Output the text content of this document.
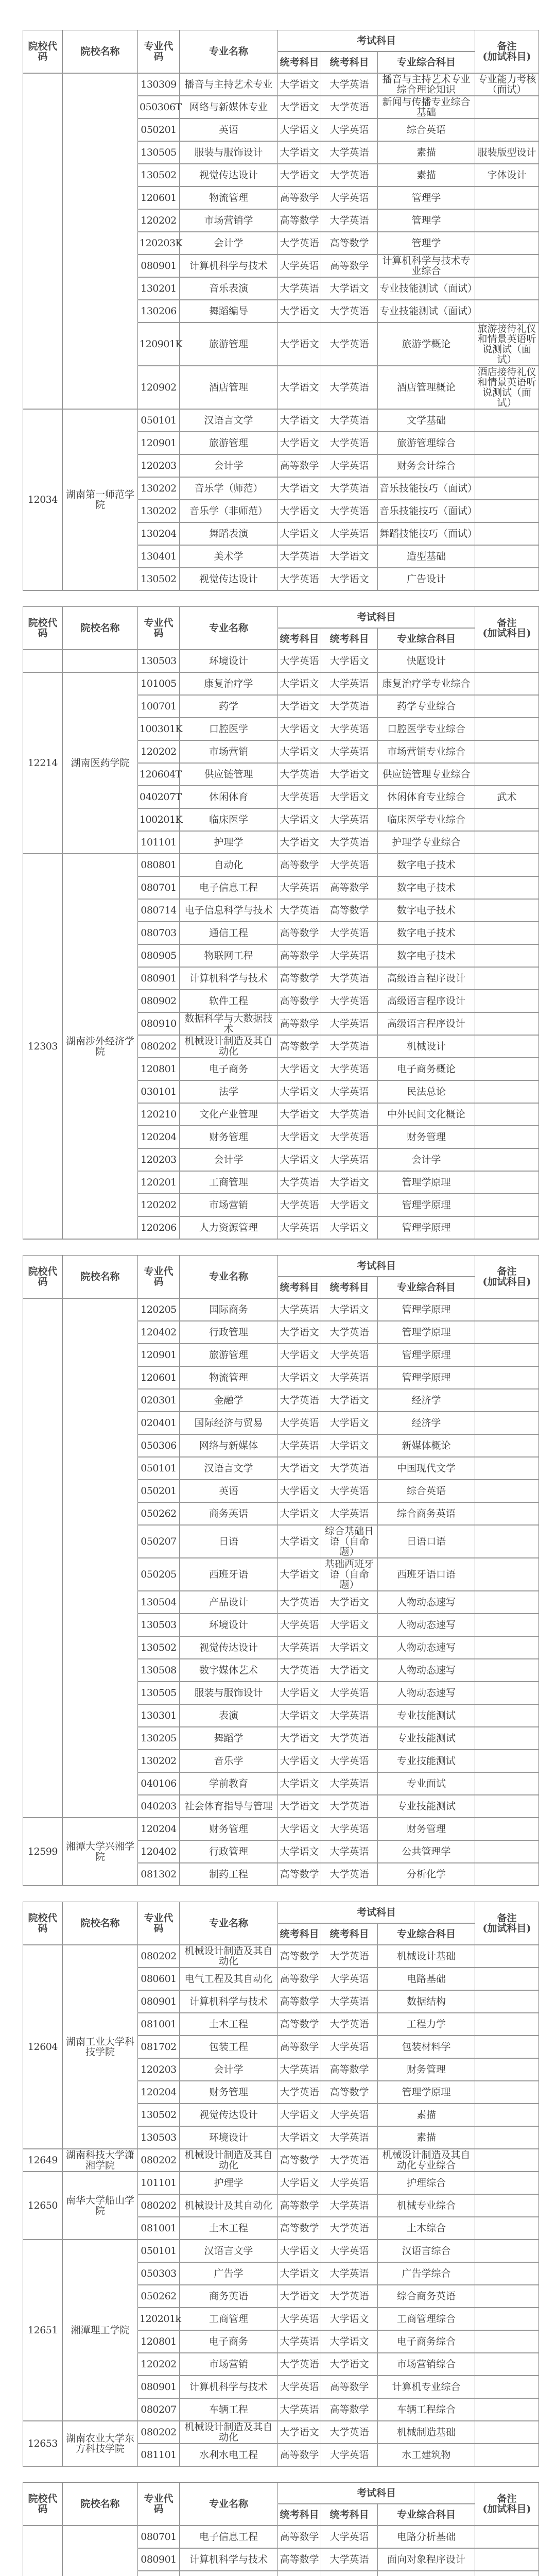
院校代码	院校名称	专业代码	专业名称	考试科目			备注
(加试科目)

				统考科目	统考科目	专业综合科目	
		130309	播音与主持艺术专业	大学语文	大学英语	播音与主持艺术专业综合理论知识	专业能力考核（面试）
		050306T	网络与新媒体专业	大学语文	大学英语	新闻与传播专业综合基础	
		050201	英语	大学语文	大学英语	综合英语	
		130505	服装与服饰设计	大学语文	大学英语	素描	服装版型设计
		130502	视觉传达设计	大学语文	大学英语	素描	字体设计
		120601	物流管理	高等数学	大学英语	管理学	
		120202	市场营销学	高等数学	大学英语	管理学	
		120203K	会计学	大学英语	高等数学	管理学	
		080901	计算机科学与技术	大学英语	高等数学	计算机科学与技术专业综合	
		130201	音乐表演	大学英语	大学语文	专业技能测试（面试）	
		130206	舞蹈编导	大学语文	大学英语	专业技能测试（面试）	
		120901K	旅游管理	大学语文	大学英语	旅游学概论	旅游接待礼仪和情景英语听说测试（面试）
		120902	酒店管理	大学语文	大学英语	酒店管理概论	酒店接待礼仪和情景英语听说测试（面试）
12034	湖南第一师范学院	050101	汉语言文学	大学语文	大学英语	文学基础	
		120901	旅游管理	大学语文	大学英语	旅游管理综合	
		120203	会计学	高等数学	大学英语	财务会计综合	
		130202	音乐学（师范）	大学语文	大学英语	音乐技能技巧（面试）	
		130202	音乐学（非师范）	大学语文	大学英语	音乐技能技巧（面试）	
		130204	舞蹈表演	大学语文	大学英语	舞蹈技能技巧（面试）	
		130401	美术学	大学英语	大学语文	造型基础	
		130502	视觉传达设计	大学英语	大学语文	广告设计	
院校代码	院校名称	专业代码	专业名称	考试科目			备注
(加试科目)

				统考科目	统考科目	专业综合科目	
		130503	环境设计	大学英语	大学语文	快题设计	
12214	湖南医药学院	101005	康复治疗学	大学语文	大学英语	康复治疗学专业综合	
		100701	药学	大学语文	大学英语	药学专业综合	
		100301K	口腔医学	大学语文	大学英语	口腔医学专业综合	
		120202	市场营销	大学语文	大学英语	市场营销专业综合	
		120604T	供应链管理	大学英语	大学语文	供应链管理专业综合	
		040207T	休闲体育	大学英语	大学语文	休闲体育专业综合	武术
		100201K	临床医学	大学语文	大学英语	临床医学专业综合	
		101101	护理学	大学语文	大学英语	护理学专业综合	
12303	湖南涉外经济学院	080801	自动化	高等数学	大学英语	数字电子技术	
		080701	电子信息工程	大学英语	高等数学	数字电子技术	
		080714	电子信息科学与技术	大学英语	高等数学	数字电子技术	
		080703	通信工程	高等数学	大学英语	数字电子技术	
		080905	物联网工程	高等数学	大学英语	数字电子技术	
		080901	计算机科学与技术	高等数学	大学英语	高级语言程序设计	
		080902	软件工程	高等数学	大学英语	高级语言程序设计	
		080910	数据科学与大数据技术	高等数学	大学英语	高级语言程序设计	
		080202	机械设计制造及其自动化	高等数学	大学英语	机械设计	
		120801	电子商务	大学语文	大学英语	电子商务概论	
		030101	法学	大学语文	大学英语	民法总论	
		120210	文化产业管理	大学语文	大学英语	中外民间文化概论	
		120204	财务管理	大学语文	大学英语	财务管理	
		120203	会计学	大学语文	大学英语	会计学	
		120201	工商管理	大学英语	大学语文	管理学原理	
		120202	市场营销	大学英语	大学语文	管理学原理	
		120206	人力资源管理	大学英语	大学语文	管理学原理	
院校代码	院校名称	专业代码	专业名称	考试科目			备注
(加试科目)

				统考科目	统考科目	专业综合科目	
		120205	国际商务	大学英语	大学语文	管理学原理	
		120402	行政管理	大学语文	大学英语	管理学原理	
		120901	旅游管理	大学语文	大学英语	管理学原理	
		120601	物流管理	大学语文	大学英语	管理学原理	
		020301	金融学	大学英语	大学语文	经济学	
		020401	国际经济与贸易	大学英语	大学语文	经济学	
		050306	网络与新媒体	大学英语	大学语文	新媒体概论	
		050101	汉语言文学	大学语文	大学英语	中国现代文学	
		050201	英语	大学语文	大学英语	综合英语	
		050262	商务英语	大学语文	大学英语	综合商务英语	
		050207	日语	大学语文	综合基础日语（自命题）	日语口语	
		050205	西班牙语	大学语文	基础西班牙语（自命题）	西班牙语口语	
		130504	产品设计	大学英语	大学语文	人物动态速写	
		130503	环境设计	大学英语	大学语文	人物动态速写	
		130502	视觉传达设计	大学英语	大学语文	人物动态速写	
		130508	数字媒体艺术	大学英语	大学语文	人物动态速写	
		130505	服装与服饰设计	大学语文	大学英语	人物动态速写	
		130301	表演	大学语文	大学英语	专业技能测试	
		130205	舞蹈学	大学语文	大学英语	专业技能测试	
		130202	音乐学	大学语文	大学英语	专业技能测试	
		040106	学前教育	大学语文	大学英语	专业面试	
		040203	社会体育指导与管理	大学语文	大学英语	专业技能测试	
12599	湘潭大学兴湘学院	120204	财务管理	大学语文	大学英语	财务管理	
		120402	行政管理	大学语文	大学英语	公共管理学	
		081302	制药工程	高等数学	大学英语	分析化学	
院校代码	院校名称	专业代码	专业名称	考试科目			备注
(加试科目)

				统考科目	统考科目	专业综合科目	
12604	湖南工业大学科技学院	080202	机械设计制造及其自动化	高等数学	大学英语	机械设计基础	
		080601	电气工程及其自动化	高等数学	大学英语	电路基础	
		080901	计算机科学与技术	高等数学	大学英语	数据结构	
		081001	土木工程	高等数学	大学英语	工程力学	
		081702	包装工程	高等数学	大学英语	包装材料学	
		120203	会计学	大学英语	高等数学	财务管理	
		120204	财务管理	大学英语	高等数学	管理学原理	
		130502	视觉传达设计	大学语文	大学英语	素描	
		130503	环境设计	大学语文	大学英语	素描	
12649	湖南科技大学潇湘学院	080202	机械设计制造及其自动化	高等数学	大学英语	机械设计制造及其自动化专业综合	
12650	南华大学船山学院	101101	护理学	大学语文	大学英语	护理综合	
		080202	机械设计及其自动化	高等数学	大学英语	机械专业综合	
		081001	土木工程	高等数学	大学英语	土木综合	
12651	湘潭理工学院	050101	汉语言文学	大学语文	大学英语	汉语言综合	
		050303	广告学	大学语文	大学英语	广告学综合	
		050262	商务英语	大学语文	大学英语	综合商务英语	
		120201k	工商管理	大学英语	大学语文	工商管理综合	
		120801	电子商务	大学英语	大学语文	电子商务综合	
		120202	市场营销	大学英语	大学语文	市场营销综合	
		080901	计算机科学与技术	大学英语	高等数学	计算机专业综合	
		080207	车辆工程	大学英语	高等数学	车辆工程综合	
12653	湖南农业大学东方科技学院	080202	机械设计制造及其自动化	大学语文	大学英语	机械制造基础	
		081101	水利水电工程	高等数学	大学英语	水工建筑物	
院校代码	院校名称	专业代码	专业名称	考试科目			备注
(加试科目)

				统考科目	统考科目	专业综合科目	
		080701	电子信息工程	高等数学	大学英语	电路分析基础	
		080901	计算机科学与技术	高等数学	大学英语	面向对象程序设计	
